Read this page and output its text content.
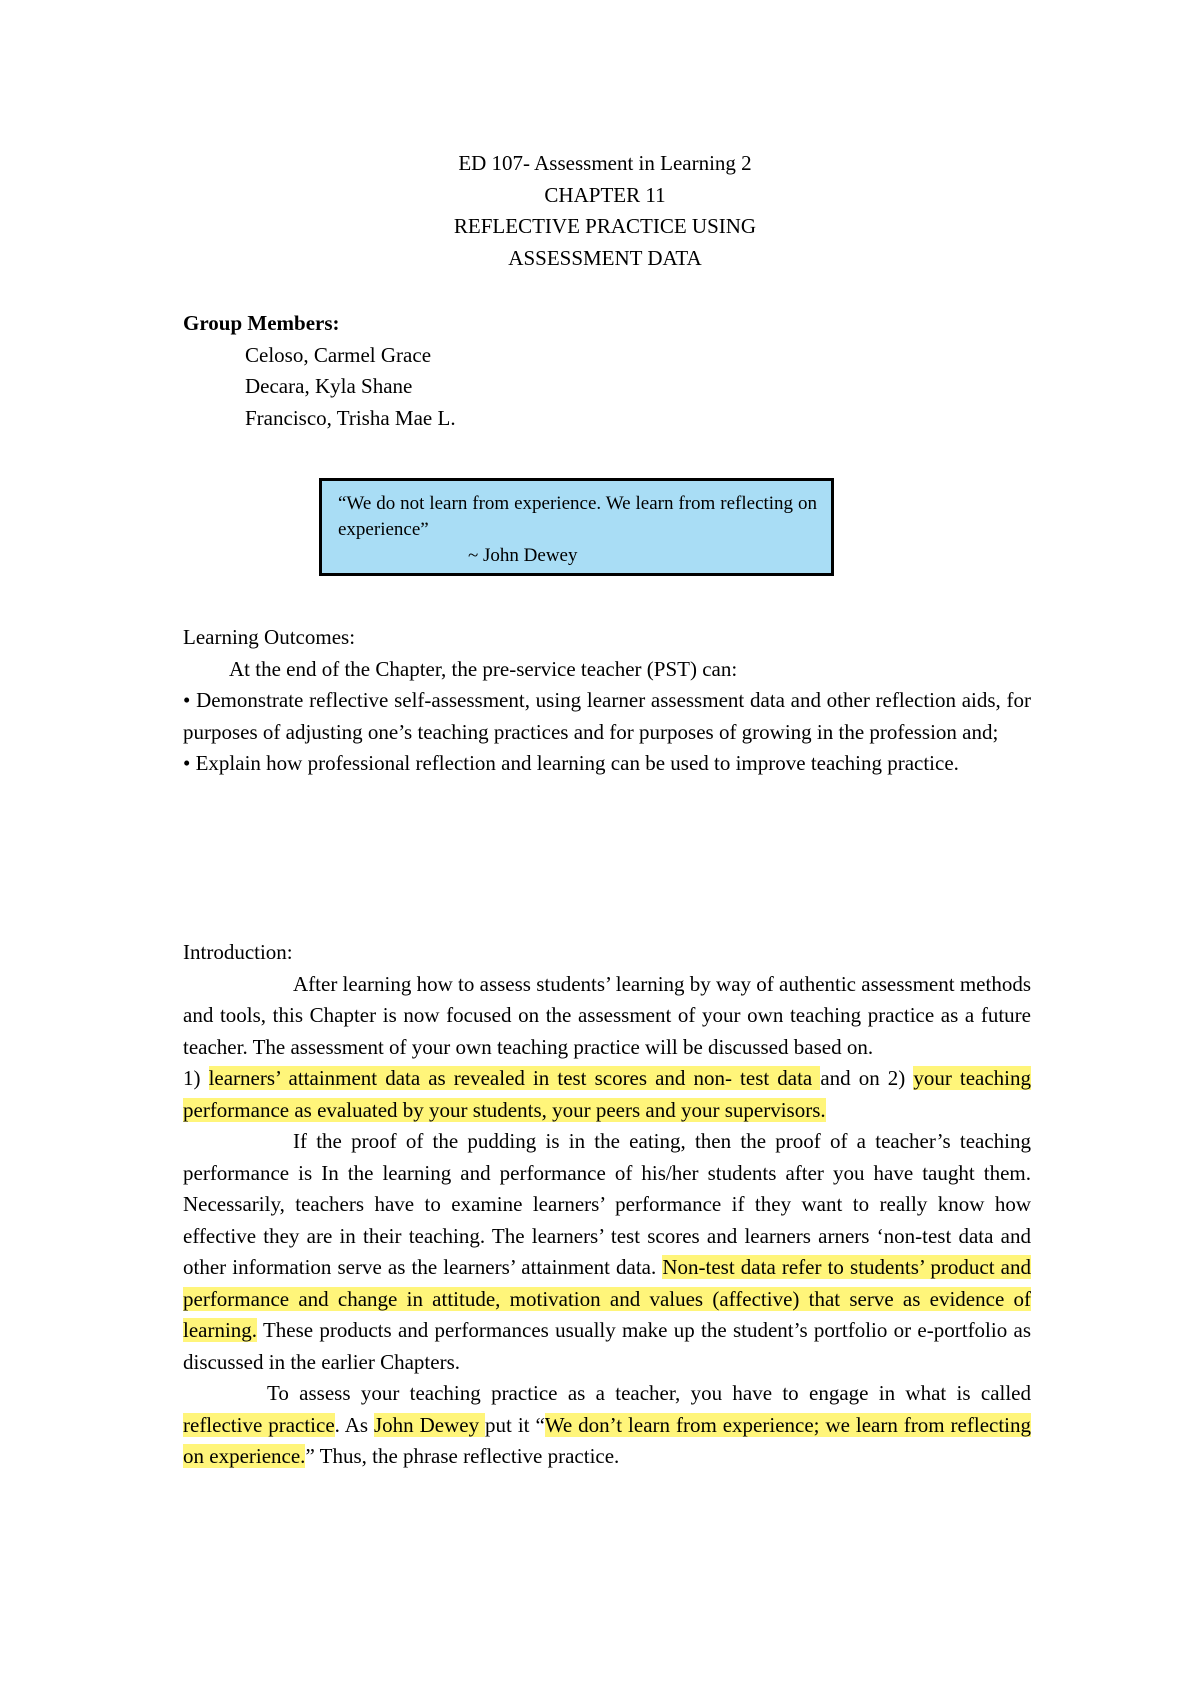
ED 107- Assessment in Learning 2
CHAPTER 11
REFLECTIVE PRACTICE USING
ASSESSMENT DATA
Group Members:
Celoso, Carmel Grace
Decara, Kyla Shane
Francisco, Trisha Mae L.
“We do not learn from experience. We learn from reflecting on experience”
~ John Dewey

Learning Outcomes:

At the end of the Chapter, the pre-service teacher (PST) can:

• Demonstrate reflective self-assessment, using learner assessment data and other reflection aids, for purposes of adjusting one’s teaching practices and for purposes of growing in the profession and;

• Explain how professional reflection and learning can be used to improve teaching practice.

Introduction:

After learning how to assess students’ learning by way of authentic assessment methods and tools, this Chapter is now focused on the assessment of your own teaching practice as a future teacher. The assessment of your own teaching practice will be discussed based on.

1) learners’ attainment data as revealed in test scores and non- test data and on 2) your teaching performance as evaluated by your students, your peers and your supervisors.

If the proof of the pudding is in the eating, then the proof of a teacher’s teaching performance is In the learning and performance of his/her students after you have taught them. Necessarily, teachers have to examine learners’ performance if they want to really know how effective they are in their teaching. The learners’ test scores and learners arners ‘non-test data and other information serve as the learners’ attainment data. Non-test data refer to students’ product and performance and change in attitude, motivation and values (affective) that serve as evidence of learning. These products and performances usually make up the student’s portfolio or e-portfolio as discussed in the earlier Chapters.

To assess your teaching practice as a teacher, you have to engage in what is called reflective practice. As John Dewey put it “We don’t learn from experience; we learn from reflecting on experience.” Thus, the phrase reflective practice.
